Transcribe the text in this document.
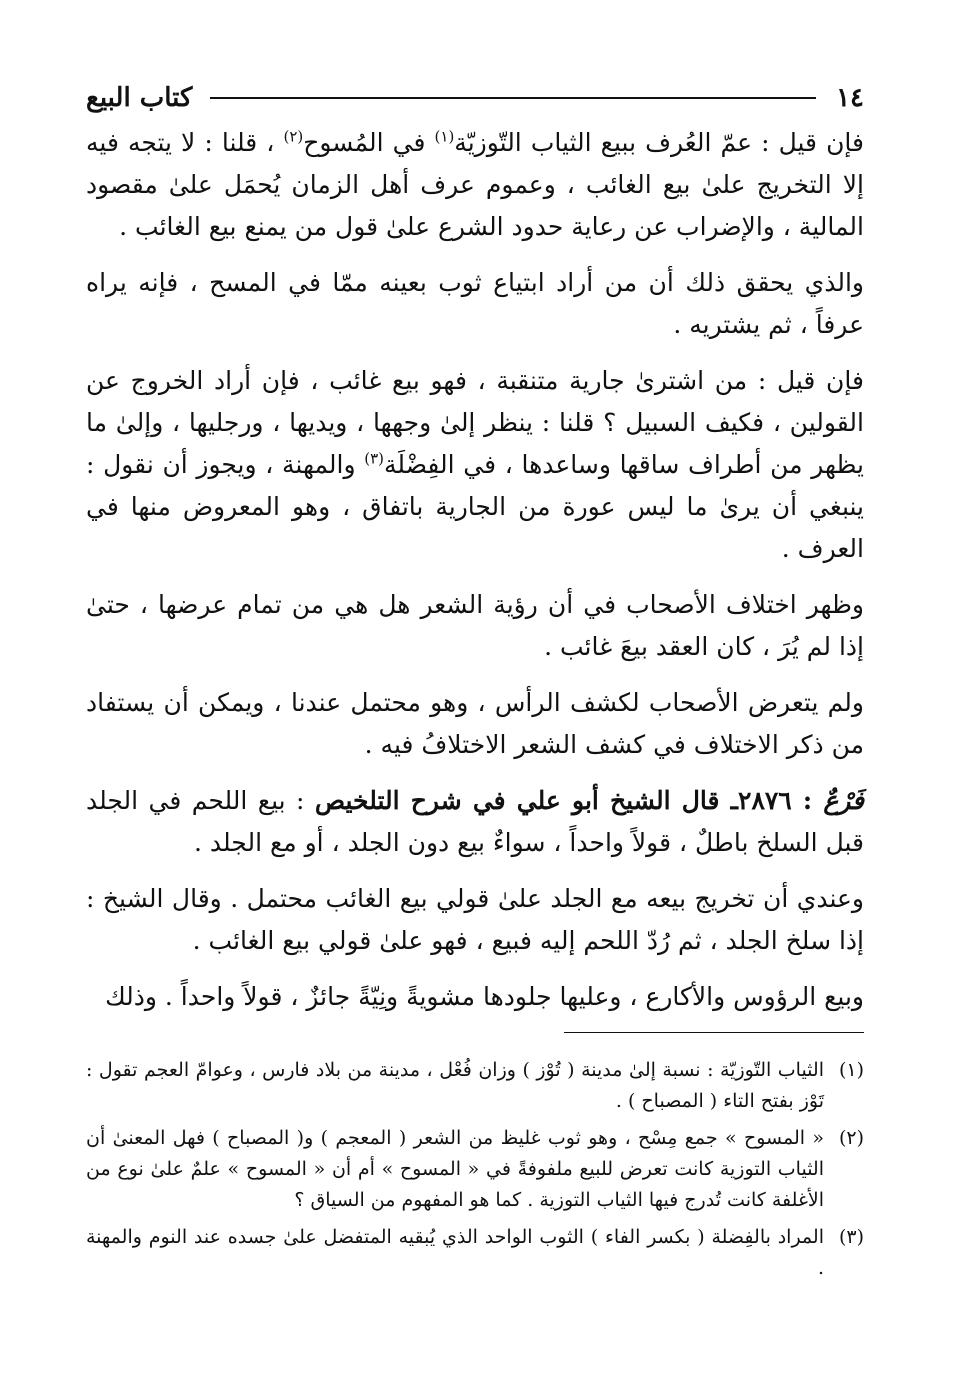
١٤
كتاب البيع

فإن قيل : عمّ العُرف ببيع الثياب التّوزيّة$^{(١)}$ في المُسوح$^{(٢)}$ ، قلنا : لا يتجه فيه إلا التخريج علىٰ بيع الغائب ، وعموم عرف أهل الزمان يُحمَل علىٰ مقصود المالية ، والإضراب عن رعاية حدود الشرع علىٰ قول من يمنع بيع الغائب .

والذي يحقق ذلك أن من أراد ابتياع ثوب بعينه ممّا في المسح ، فإنه يراه عرفاً ، ثم يشتريه .

فإن قيل : من اشترىٰ جارية متنقبة ، فهو بيع غائب ، فإن أراد الخروج عن القولين ، فكيف السبيل ؟ قلنا : ينظر إلىٰ وجهها ، ويديها ، ورجليها ، وإلىٰ ما يظهر من أطراف ساقها وساعدها ، في الفِضْلَة$^{(٣)}$ والمهنة ، ويجوز أن نقول : ينبغي أن يرىٰ ما ليس عورة من الجارية باتفاق ، وهو المعروض منها في العرف .

وظهر اختلاف الأصحاب في أن رؤية الشعر هل هي من تمام عرضها ، حتىٰ إذا لم يُرَ ، كان العقد بيعَ غائب .

ولم يتعرض الأصحاب لكشف الرأس ، وهو محتمل عندنا ، ويمكن أن يستفاد من ذكر الاختلاف في كشف الشعر الاختلافُ فيه .

فَرْعٌ : ٢٨٧٦ـ قال الشيخ أبو علي في شرح التلخيص : بيع اللحم في الجلد قبل السلخ باطلٌ ، قولاً واحداً ، سواءٌ بيع دون الجلد ، أو مع الجلد .

وعندي أن تخريج بيعه مع الجلد علىٰ قولي بيع الغائب محتمل . وقال الشيخ : إذا سلخ الجلد ، ثم رُدّ اللحم إليه فبيع ، فهو علىٰ قولي بيع الغائب .

وبيع الرؤوس والأكارع ، وعليها جلودها مشويةً ونِيّةً جائزٌ ، قولاً واحداً . وذلك

(١)
الثياب التّوزيّة : نسبة إلىٰ مدينة ( تُوْز ) وزان فُعْل ، مدينة من بلاد فارس ، وعوامّ العجم تقول : تَوْز بفتح التاء ( المصباح ) .
(٢)
« المسوح » جمع مِسْح ، وهو ثوب غليظ من الشعر ( المعجم ) و( المصباح ) فهل المعنىٰ أن الثياب التوزية كانت تعرض للبيع ملفوفةً في « المسوح » أم أن « المسوح » علمٌ علىٰ نوع من الأغلفة كانت تُدرج فيها الثياب التوزية . كما هو المفهوم من السياق ؟
(٣)
المراد بالفِضلة ( بكسر الفاء ) الثوب الواحد الذي يُبقيه المتفضل علىٰ جسده عند النوم والمهنة .
